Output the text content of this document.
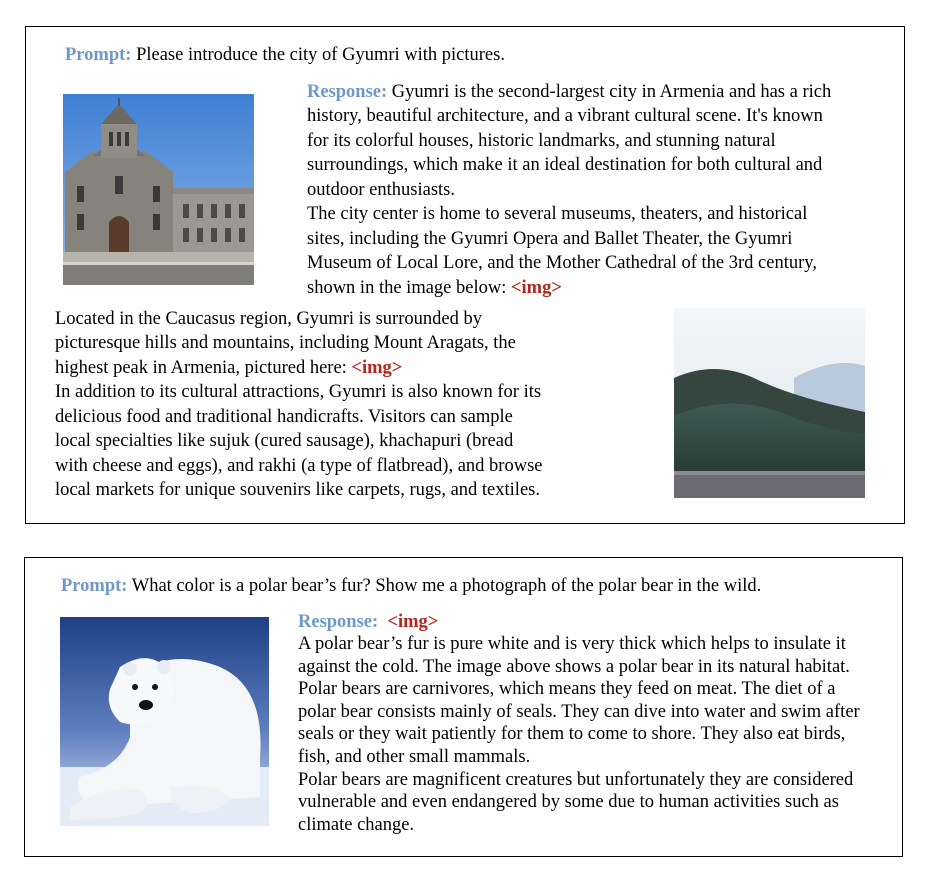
Prompt: Please introduce the city of Gyumri with pictures.
Response: Gyumri is the second-largest city in Armenia and has a rich
history, beautiful architecture, and a vibrant cultural scene. It's known
for its colorful houses, historic landmarks, and stunning natural
surroundings, which make it an ideal destination for both cultural and
outdoor enthusiasts.
The city center is home to several museums, theaters, and historical
sites, including the Gyumri Opera and Ballet Theater, the Gyumri
Museum of Local Lore, and the Mother Cathedral of the 3rd century,
shown in the image below: <img>
Located in the Caucasus region, Gyumri is surrounded by
picturesque hills and mountains, including Mount Aragats, the
highest peak in Armenia, pictured here: <img>
In addition to its cultural attractions, Gyumri is also known for its
delicious food and traditional handicrafts. Visitors can sample
local specialties like sujuk (cured sausage), khachapuri (bread
with cheese and eggs), and rakhi (a type of flatbread), and browse
local markets for unique souvenirs like carpets, rugs, and textiles.
Prompt: What color is a polar bear’s fur? Show me a photograph of the polar bear in the wild.
Response: <img>
A polar bear’s fur is pure white and is very thick which helps to insulate it
against the cold. The image above shows a polar bear in its natural habitat.
Polar bears are carnivores, which means they feed on meat. The diet of a
polar bear consists mainly of seals. They can dive into water and swim after
seals or they wait patiently for them to come to shore. They also eat birds,
fish, and other small mammals.
Polar bears are magnificent creatures but unfortunately they are considered
vulnerable and even endangered by some due to human activities such as
climate change.
